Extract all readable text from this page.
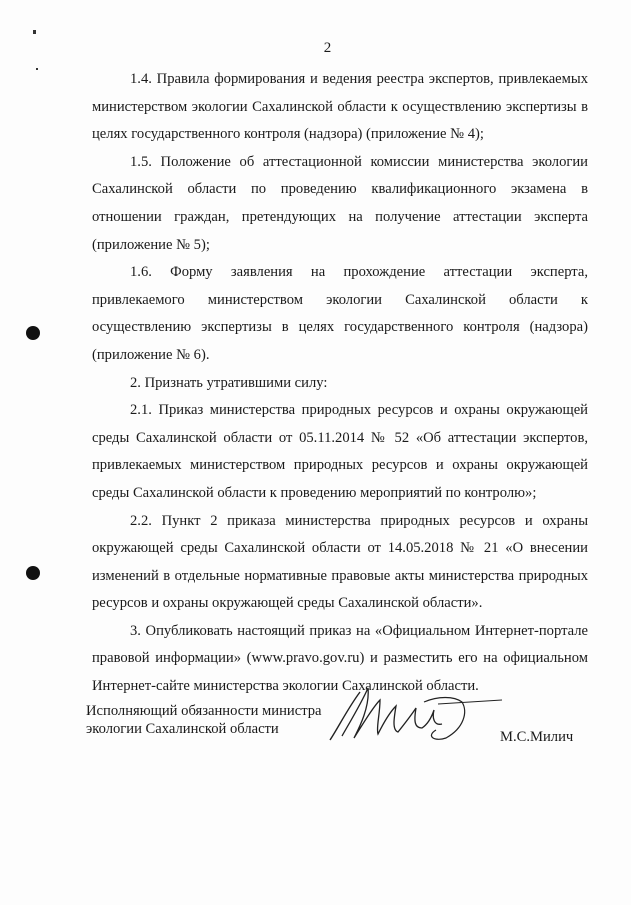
2

1.4. Правила формирования и ведения реестра экспертов, привлекаемых министерством экологии Сахалинской области к осуществлению экспертизы в целях государственного контроля (надзора) (приложение № 4);

1.5. Положение об аттестационной комиссии министерства экологии Сахалинской области по проведению квалификационного экзамена в отношении граждан, претендующих на получение аттестации эксперта (приложение № 5);

1.6. Форму заявления на прохождение аттестации эксперта, привлекаемого министерством экологии Сахалинской области к осуществлению экспертизы в целях государственного контроля (надзора) (приложение № 6).

2. Признать утратившими силу:

2.1. Приказ министерства природных ресурсов и охраны окружающей среды Сахалинской области от 05.11.2014 № 52 «Об аттестации экспертов, привлекаемых министерством природных ресурсов и охраны окружающей среды Сахалинской области к проведению мероприятий по контролю»;

2.2. Пункт 2 приказа министерства природных ресурсов и охраны окружающей среды Сахалинской области от 14.05.2018 № 21 «О внесении изменений в отдельные нормативные правовые акты министерства природных ресурсов и охраны окружающей среды Сахалинской области».

3. Опубликовать настоящий приказ на «Официальном Интернет-портале правовой информации» (www.pravo.gov.ru) и разместить его на официальном Интернет-сайте министерства экологии Сахалинской области.

Исполняющий обязанности министра
экологии Сахалинской области	М.С.Милич
